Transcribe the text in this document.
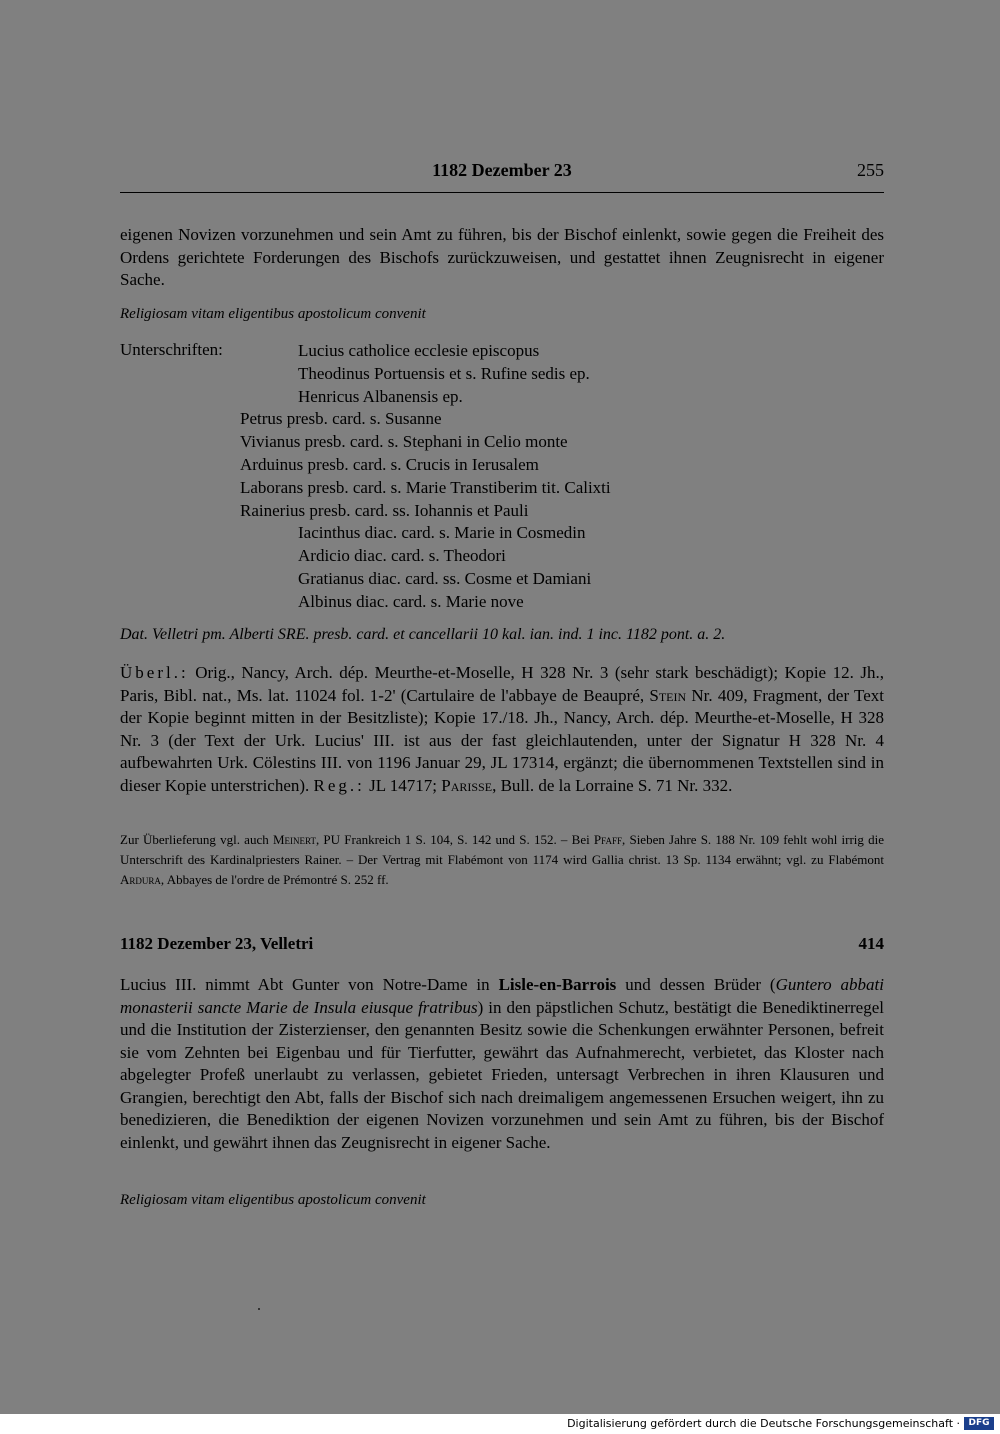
1182 Dezember 23	255
eigenen Novizen vorzunehmen und sein Amt zu führen, bis der Bischof einlenkt, sowie gegen die Freiheit des Ordens gerichtete Forderungen des Bischofs zurückzuweisen, und gestattet ihnen Zeugnisrecht in eigener Sache.
Religiosam vitam eligentibus apostolicum convenit
Unterschriften:	Lucius catholice ecclesie episcopus
Theodinus Portuensis et s. Rufine sedis ep.
Henricus Albanensis ep.
Petrus presb. card. s. Susanne
Vivianus presb. card. s. Stephani in Celio monte
Arduinus presb. card. s. Crucis in Ierusalem
Laborans presb. card. s. Marie Transtiberim tit. Calixti
Rainerius presb. card. ss. Iohannis et Pauli
Iacinthus diac. card. s. Marie in Cosmedin
Ardicio diac. card. s. Theodori
Gratianus diac. card. ss. Cosme et Damiani
Albinus diac. card. s. Marie nove
Dat. Velletri pm. Alberti SRE. presb. card. et cancellarii 10 kal. ian. ind. 1 inc. 1182 pont. a. 2.
Überl.: Orig., Nancy, Arch. dép. Meurthe-et-Moselle, H 328 Nr. 3 (sehr stark beschädigt); Kopie 12. Jh., Paris, Bibl. nat., Ms. lat. 11024 fol. 1-2' (Cartulaire de l'abbaye de Beaupré, Stein Nr. 409, Fragment, der Text der Kopie beginnt mitten in der Besitzliste); Kopie 17./18. Jh., Nancy, Arch. dép. Meurthe-et-Moselle, H 328 Nr. 3 (der Text der Urk. Lucius' III. ist aus der fast gleichlautenden, unter der Signatur H 328 Nr. 4 aufbewahrten Urk. Cölestins III. von 1196 Januar 29, JL 17314, ergänzt; die übernommenen Textstellen sind in dieser Kopie unterstrichen). Reg.: JL 14717; Parisse, Bull. de la Lorraine S. 71 Nr. 332.
Zur Überlieferung vgl. auch Meinert, PU Frankreich 1 S. 104, S. 142 und S. 152. – Bei Pfaff, Sieben Jahre S. 188 Nr. 109 fehlt wohl irrig die Unterschrift des Kardinalpriesters Rainer. – Der Vertrag mit Flabémont von 1174 wird Gallia christ. 13 Sp. 1134 erwähnt; vgl. zu Flabémont Ardura, Abbayes de l'ordre de Prémontré S. 252 ff.
1182 Dezember 23, Velletri	414
Lucius III. nimmt Abt Gunter von Notre-Dame in Lisle-en-Barrois und dessen Brüder (Guntero abbati monasterii sancte Marie de Insula eiusque fratribus) in den päpstlichen Schutz, bestätigt die Benediktinerregel und die Institution der Zisterzienser, den genannten Besitz sowie die Schenkungen erwähnter Personen, befreit sie vom Zehnten bei Eigenbau und für Tierfutter, gewährt das Aufnahmerecht, verbietet, das Kloster nach abgelegter Profeß unerlaubt zu verlassen, gebietet Frieden, untersagt Verbrechen in ihren Klausuren und Grangien, berechtigt den Abt, falls der Bischof sich nach dreimaligem angemessenen Ersuchen weigert, ihn zu benedizieren, die Benediktion der eigenen Novizen vorzunehmen und sein Amt zu führen, bis der Bischof einlenkt, und gewährt ihnen das Zeugnisrecht in eigener Sache.
Religiosam vitam eligentibus apostolicum convenit
Digitalisierung gefördert durch die Deutsche Forschungsgemeinschaft · DFG
